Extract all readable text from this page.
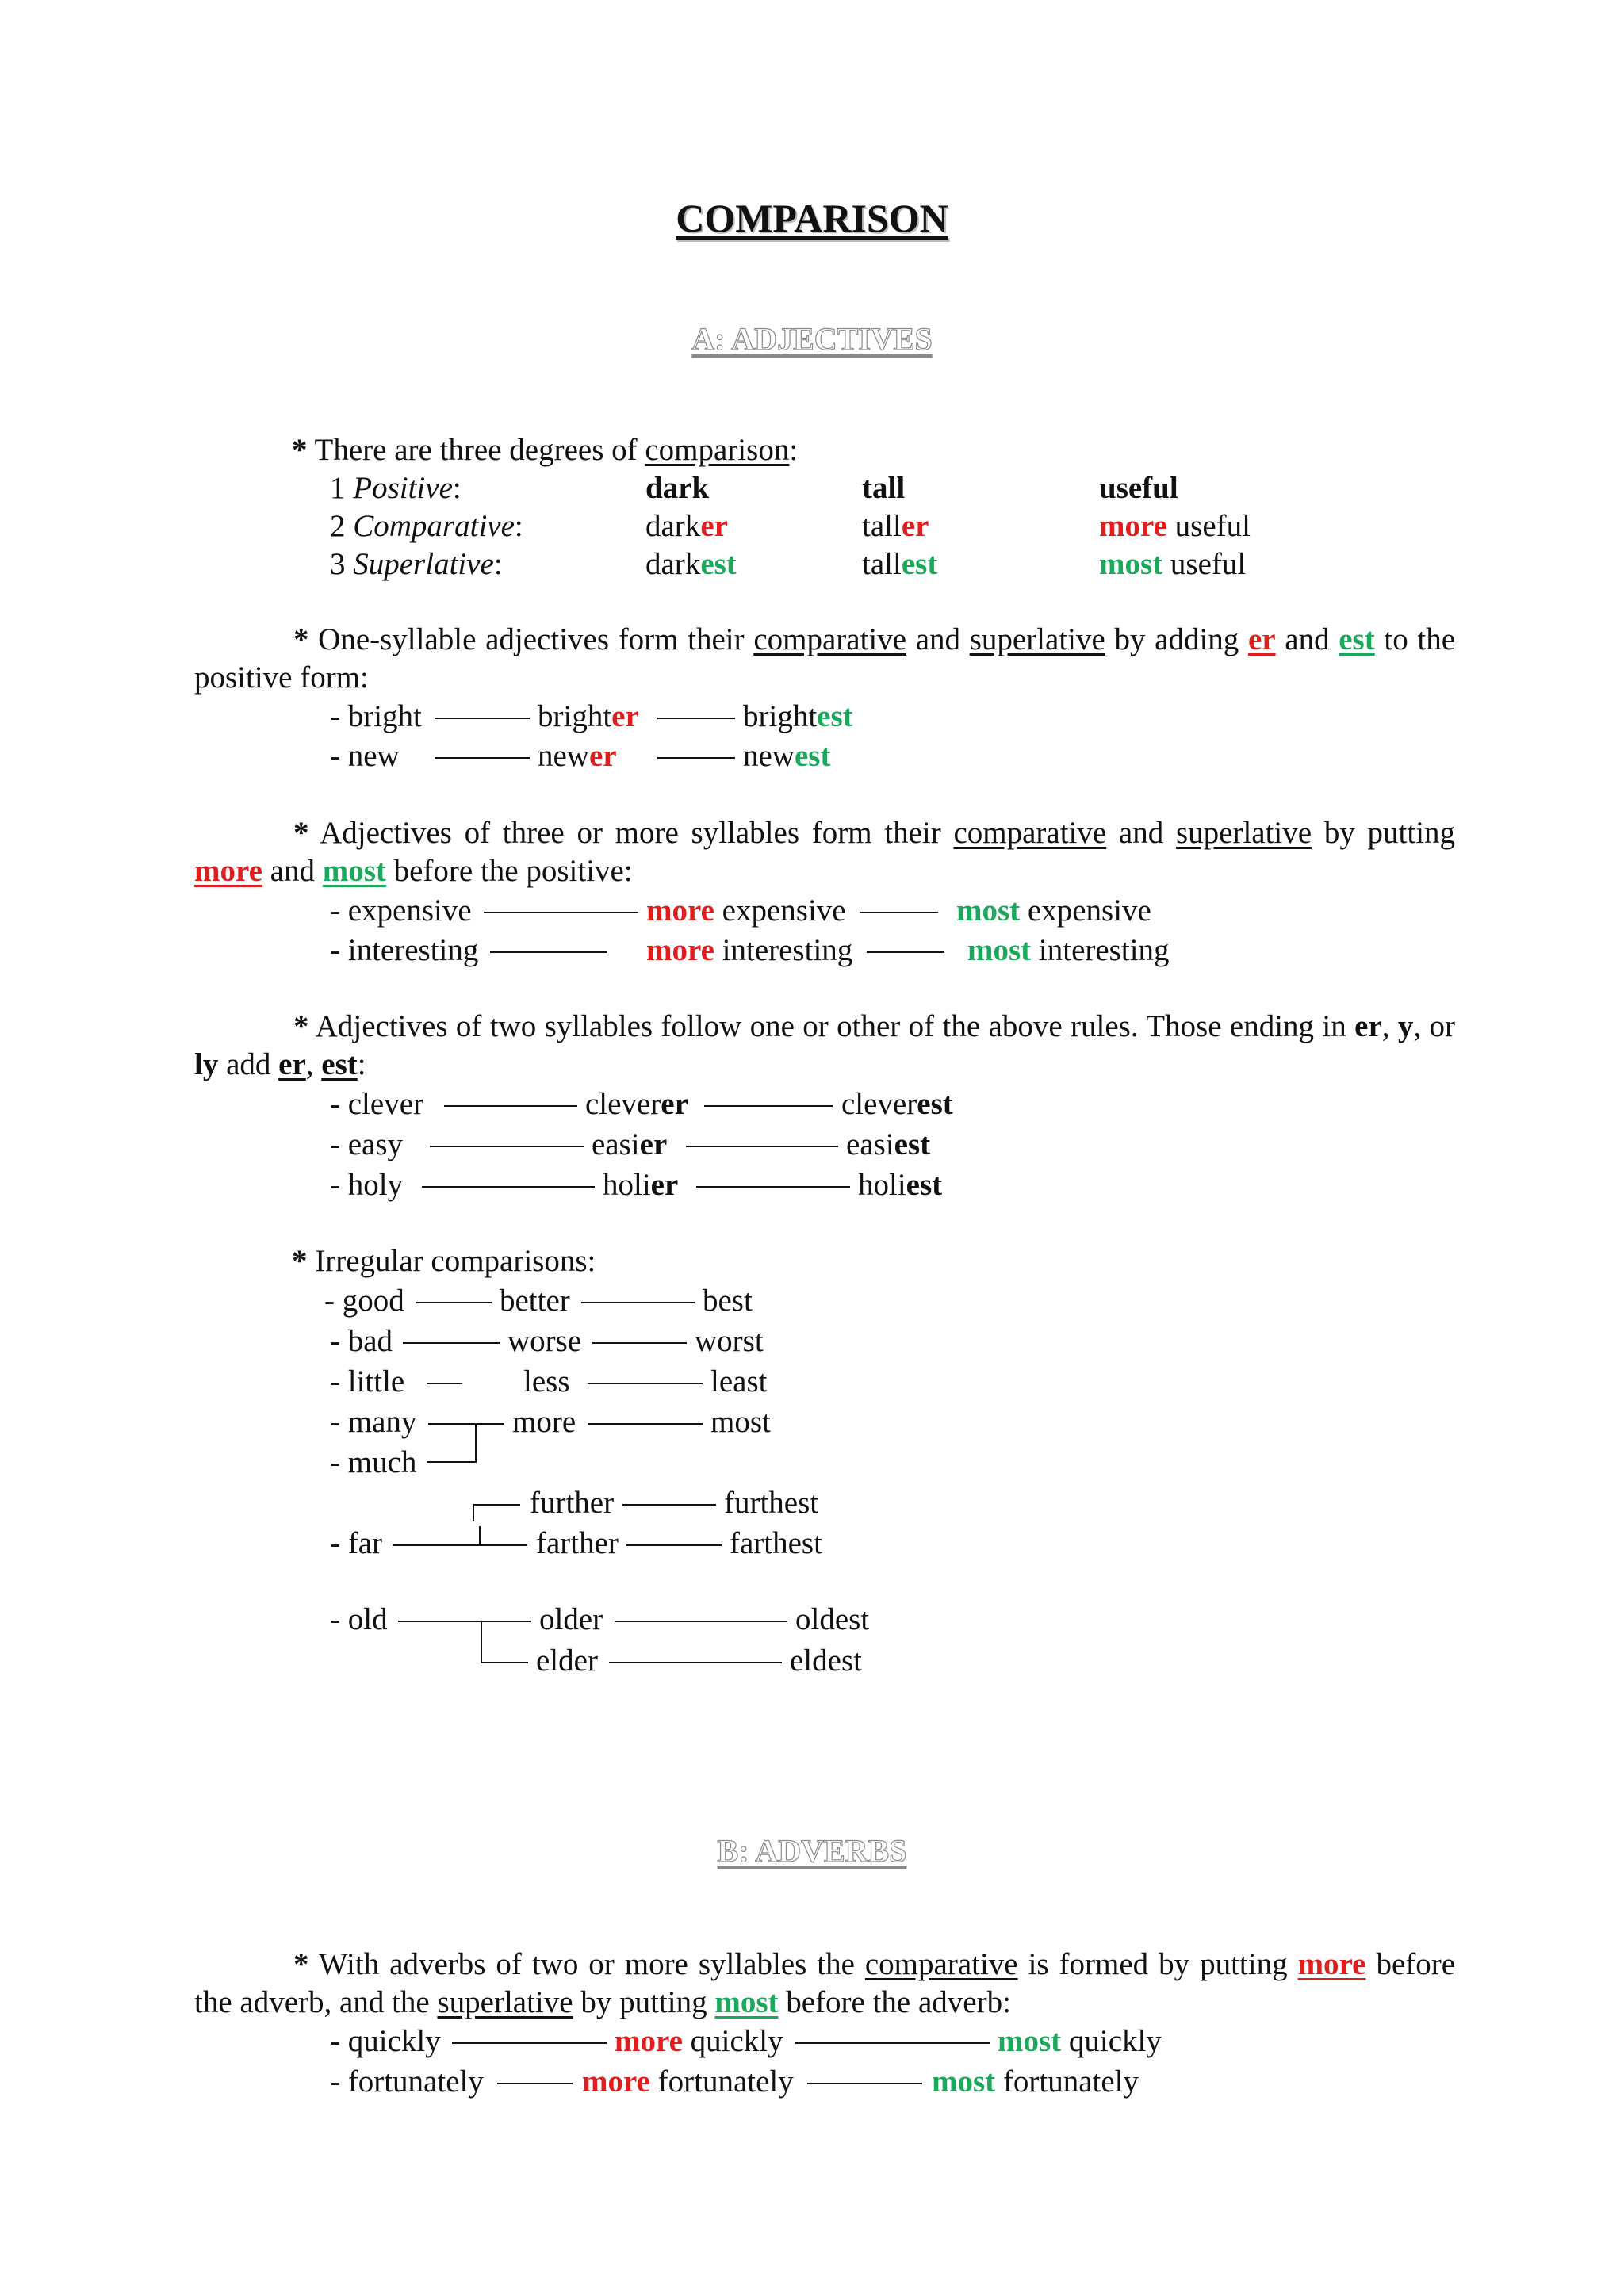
COMPARISON
A: ADJECTIVES
* There are three degrees of comparison:
1 Positive:	dark	tall	useful
2 Comparative:	darker	taller	more useful
3 Superlative:	darkest	tallest	most useful
* One-syllable adjectives form their comparative and superlative by adding er and est to the positive form:
- bright	brighter	brightest
- new	newer	newest
* Adjectives of three or more syllables form their comparative and superlative by putting more and most before the positive:
- expensive	more expensive	most expensive
- interesting	more interesting	most interesting
* Adjectives of two syllables follow one or other of the above rules. Those ending in er, y, or ly add er, est:
- clever	cleverer	cleverest
- easy	easier	easiest
- holy	holier	holiest
* Irregular comparisons:
- good	better	best
- bad	worse	worst
- little	less	least
- many	more	most
- much
further	furthest
- far	farther	farthest
- old	older	oldest
elder	eldest
B: ADVERBS
* With adverbs of two or more syllables the comparative is formed by putting more before the adverb, and the superlative by putting most before the adverb:
- quickly	more quickly	most quickly
- fortunately	more fortunately	most fortunately
